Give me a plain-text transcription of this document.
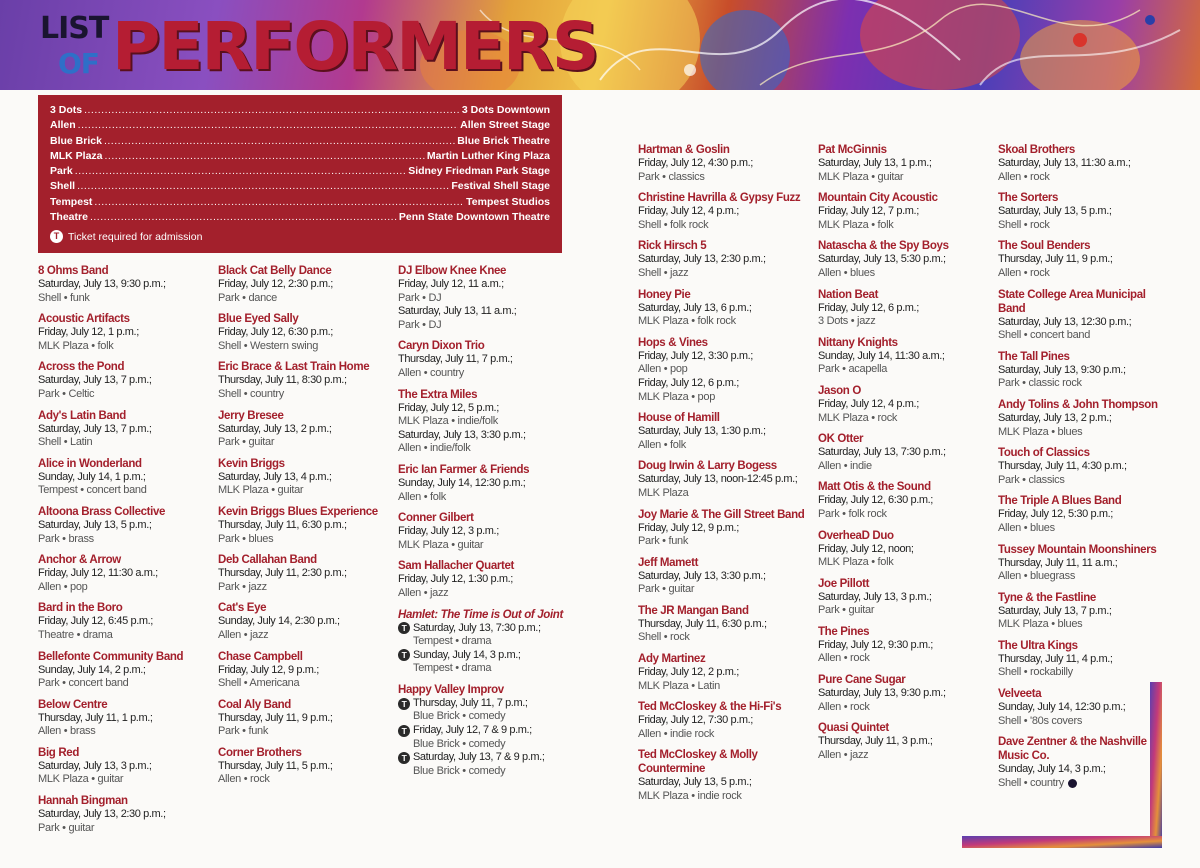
LIST
OF PERFORMERS
3 Dots .....	3 Dots Downtown
Allen .....	Allen Street Stage
Blue Brick .....	Blue Brick Theatre
MLK Plaza .....	Martin Luther King Plaza
Park .....	Sidney Friedman Park Stage
Shell .....	Festival Shell Stage
Tempest .....	Tempest Studios
Theatre .....	Penn State Downtown Theatre
T Ticket required for admission
8 Ohms Band
Saturday, July 13, 9:30 p.m.;
Shell • funk
Acoustic Artifacts
Friday, July 12, 1 p.m.;
MLK Plaza • folk
Across the Pond
Saturday, July 13, 7 p.m.;
Park • Celtic
Ady's Latin Band
Saturday, July 13, 7 p.m.;
Shell • Latin
Alice in Wonderland
Sunday, July 14, 1 p.m.;
Tempest • concert band
Altoona Brass Collective
Saturday, July 13, 5 p.m.;
Park • brass
Anchor & Arrow
Friday, July 12, 11:30 a.m.;
Allen • pop
Bard in the Boro
Friday, July 12, 6:45 p.m.;
Theatre • drama
Bellefonte Community Band
Sunday, July 14, 2 p.m.;
Park • concert band
Below Centre
Thursday, July 11, 1 p.m.;
Allen • brass
Big Red
Saturday, July 13, 3 p.m.;
MLK Plaza • guitar
Hannah Bingman
Saturday, July 13, 2:30 p.m.;
Park • guitar
Black Cat Belly Dance
Friday, July 12, 2:30 p.m.;
Park • dance
Blue Eyed Sally
Friday, July 12, 6:30 p.m.;
Shell • Western swing
Eric Brace & Last Train Home
Thursday, July 11, 8:30 p.m.;
Shell • country
Jerry Bresee
Saturday, July 13, 2 p.m.;
Park • guitar
Kevin Briggs
Saturday, July 13, 4 p.m.;
MLK Plaza • guitar
Kevin Briggs Blues Experience
Thursday, July 11, 6:30 p.m.;
Park • blues
Deb Callahan Band
Thursday, July 11, 2:30 p.m.;
Park • jazz
Cat's Eye
Sunday, July 14, 2:30 p.m.;
Allen • jazz
Chase Campbell
Friday, July 12, 9 p.m.;
Shell • Americana
Coal Aly Band
Thursday, July 11, 9 p.m.;
Park • funk
Corner Brothers
Thursday, July 11, 5 p.m.;
Allen • rock
DJ Elbow Knee Knee
Friday, July 12, 11 a.m.;
Park • DJ
Saturday, July 13, 11 a.m.;
Park • DJ
Caryn Dixon Trio
Thursday, July 11, 7 p.m.;
Allen • country
The Extra Miles
Friday, July 12, 5 p.m.;
MLK Plaza • indie/folk
Saturday, July 13, 3:30 p.m.;
Allen • indie/folk
Eric Ian Farmer & Friends
Sunday, July 14, 12:30 p.m.;
Allen • folk
Conner Gilbert
Friday, July 12, 3 p.m.;
MLK Plaza • guitar
Sam Hallacher Quartet
Friday, July 12, 1:30 p.m.;
Allen • jazz
Hamlet: The Time is Out of Joint
T Saturday, July 13, 7:30 p.m.;
Tempest • drama
T Sunday, July 14, 3 p.m.;
Tempest • drama
Happy Valley Improv
T Thursday, July 11, 7 p.m.;
Blue Brick • comedy
T Friday, July 12, 7 & 9 p.m.;
Blue Brick • comedy
T Saturday, July 13, 7 & 9 p.m.;
Blue Brick • comedy
Hartman & Goslin
Friday, July 12, 4:30 p.m.;
Park • classics
Christine Havrilla & Gypsy Fuzz
Friday, July 12, 4 p.m.;
Shell • folk rock
Rick Hirsch 5
Saturday, July 13, 2:30 p.m.;
Shell • jazz
Honey Pie
Saturday, July 13, 6 p.m.;
MLK Plaza • folk rock
Hops & Vines
Friday, July 12, 3:30 p.m.;
Allen • pop
Friday, July 12, 6 p.m.;
MLK Plaza • pop
House of Hamill
Saturday, July 13, 1:30 p.m.;
Allen • folk
Doug Irwin & Larry Bogess
Saturday, July 13, noon-12:45 p.m.;
MLK Plaza
Joy Marie & The Gill Street Band
Friday, July 12, 9 p.m.;
Park • funk
Jeff Mamett
Saturday, July 13, 3:30 p.m.;
Park • guitar
The JR Mangan Band
Thursday, July 11, 6:30 p.m.;
Shell • rock
Ady Martinez
Friday, July 12, 2 p.m.;
MLK Plaza • Latin
Ted McCloskey & the Hi-Fi's
Friday, July 12, 7:30 p.m.;
Allen • indie rock
Ted McCloskey & Molly Countermine
Saturday, July 13, 5 p.m.;
MLK Plaza • indie rock
Pat McGinnis
Saturday, July 13, 1 p.m.;
MLK Plaza • guitar
Mountain City Acoustic
Friday, July 12, 7 p.m.;
MLK Plaza • folk
Natascha & the Spy Boys
Saturday, July 13, 5:30 p.m.;
Allen • blues
Nation Beat
Friday, July 12, 6 p.m.;
3 Dots • jazz
Nittany Knights
Sunday, July 14, 11:30 a.m.;
Park • acapella
Jason O
Friday, July 12, 4 p.m.;
MLK Plaza • rock
OK Otter
Saturday, July 13, 7:30 p.m.;
Allen • indie
Matt Otis & the Sound
Friday, July 12, 6:30 p.m.;
Park • folk rock
OverheaD Duo
Friday, July 12, noon;
MLK Plaza • folk
Joe Pillott
Saturday, July 13, 3 p.m.;
Park • guitar
The Pines
Friday, July 12, 9:30 p.m.;
Allen • rock
Pure Cane Sugar
Saturday, July 13, 9:30 p.m.;
Allen • rock
Quasi Quintet
Thursday, July 11, 3 p.m.;
Allen • jazz
Skoal Brothers
Saturday, July 13, 11:30 a.m.;
Allen • rock
The Sorters
Saturday, July 13, 5 p.m.;
Shell • rock
The Soul Benders
Thursday, July 11, 9 p.m.;
Allen • rock
State College Area Municipal Band
Saturday, July 13, 12:30 p.m.;
Shell • concert band
The Tall Pines
Saturday, July 13, 9:30 p.m.;
Park • classic rock
Andy Tolins & John Thompson
Saturday, July 13, 2 p.m.;
MLK Plaza • blues
Touch of Classics
Thursday, July 11, 4:30 p.m.;
Park • classics
The Triple A Blues Band
Friday, July 12, 5:30 p.m.;
Allen • blues
Tussey Mountain Moonshiners
Thursday, July 11, 11 a.m.;
Allen • bluegrass
Tyne & the Fastline
Saturday, July 13, 7 p.m.;
MLK Plaza • blues
The Ultra Kings
Thursday, July 11, 4 p.m.;
Shell • rockabilly
Velveeta
Sunday, July 14, 12:30 p.m.;
Shell • '80s covers
Dave Zentner & the Nashville Music Co.
Sunday, July 14, 3 p.m.;
Shell • country
